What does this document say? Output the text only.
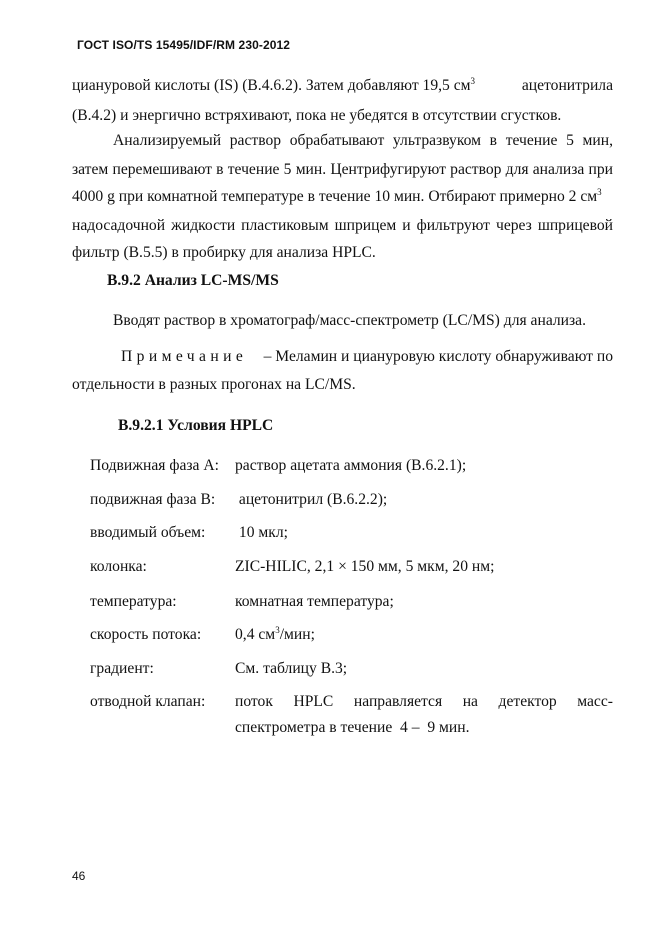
ГОСТ ISO/TS 15495/IDF/RM 230-2012

циануровой кислоты (IS) (В.4.6.2). Затем добавляют 19,5 $см^3$	ацетонитрила

(В.4.2) и энергично встряхивают, пока не убедятся в отсутствии сгустков.

Анализируемый раствор обрабатывают ультразвуком в течение 5 мин,

затем перемешивают в течение 5 мин. Центрифугируют раствор для анализа при

4000 g при комнатной температуре в течение 10 мин. Отбирают примерно 2 $см^3$

надосадочной жидкости пластиковым шприцем и фильтруют через шприцевой

фильтр (В.5.5) в пробирку для анализа HPLC.

В.9.2 Анализ LC-MS/MS
Вводят раствор в хроматограф/масс-спектрометр (LC/MS) для анализа.

Примечание – Меламин и циануровую кислоту обнаруживают по

отдельности в разных прогонах на LC/MS.

В.9.2.1 Условия HPLC
Подвижная фаза А: раствор ацетата аммония (В.6.2.1);
подвижная фаза В: ацетонитрил (В.6.2.2);
вводимый объем: 10 мкл;
колонка:	ZIC-HILIC, 2,1 × 150 мм, 5 мкм, 20 нм;
температура:	комнатная температура;
скорость потока: 0,4 $см^3$/мин;
градиент:	См. таблицу В.3;
отводной клапан: поток HPLC направляется на детектор масс-
спектрометра в течение  4 –  9 мин.
46
